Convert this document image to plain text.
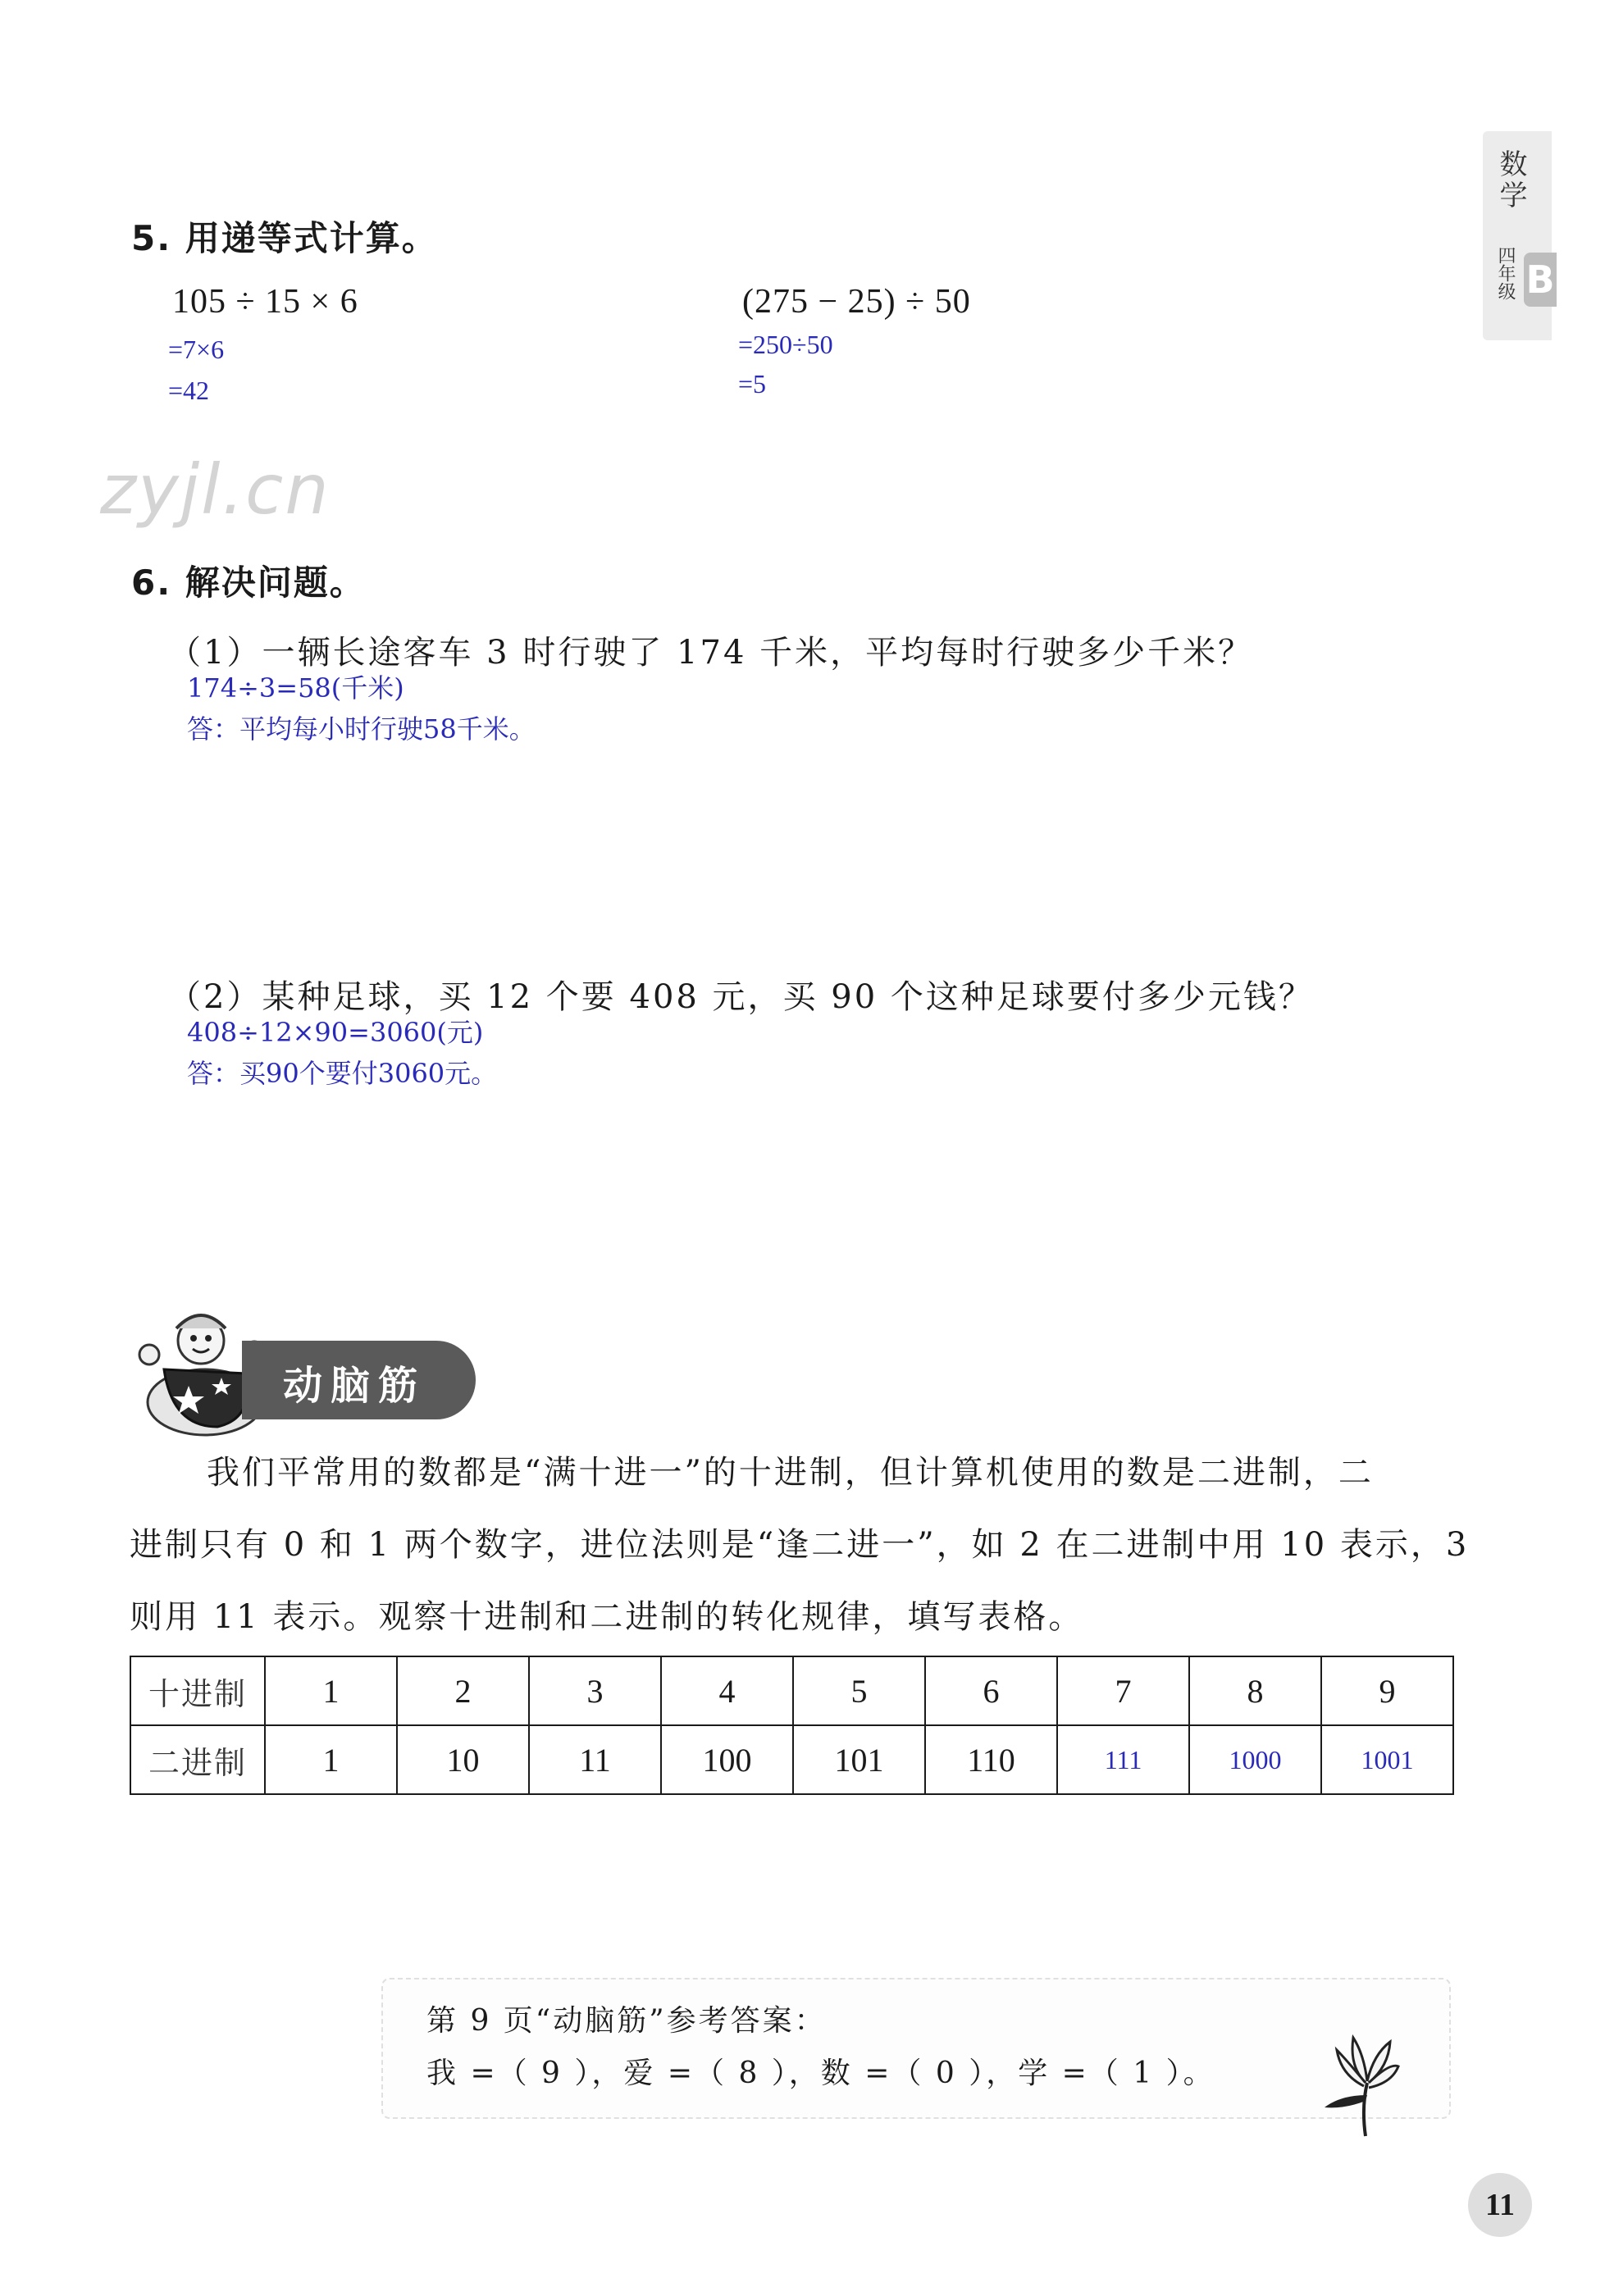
数学
四年级 B
5. 用递等式计算。
105 ÷ 15 × 6
=7×6
=42
(275 − 25) ÷ 50
=250÷50
=5
zyjl.cn
6. 解决问题。
（1）一辆长途客车 3 时行驶了 174 千米，平均每时行驶多少千米？
174÷3=58(千米)
答：平均每小时行驶58千米。
（2）某种足球，买 12 个要 408 元，买 90 个这种足球要付多少元钱？
408÷12×90=3060(元)
答：买90个要付3060元。
动脑筋
我们平常用的数都是“满十进一”的十进制，但计算机使用的数是二进制，二
进制只有 0 和 1 两个数字，进位法则是“逢二进一”，如 2 在二进制中用 10 表示，3
则用 11 表示。观察十进制和二进制的转化规律，填写表格。
十进制	1	2	3	4	5	6	7	8	9
二进制	1	10	11	100	101	110	111	1000	1001
第 9 页“动脑筋”参考答案：
我 =（ 9 ），爱 =（ 8 ），数 =（ 0 ），学 =（ 1 ）。
11
